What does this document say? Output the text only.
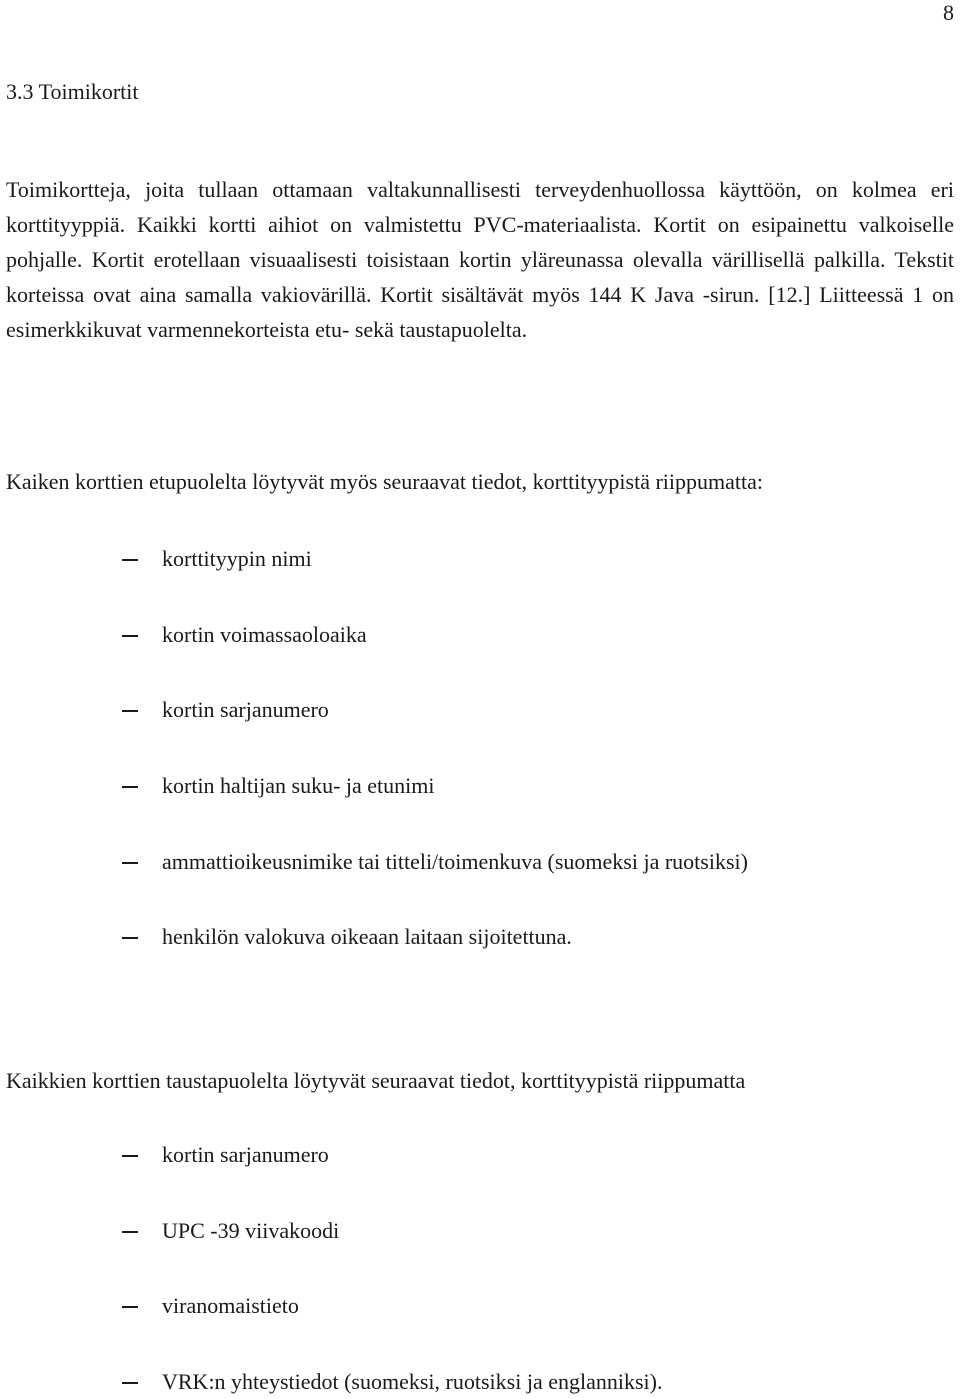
8
3.3 Toimikortit

Toimikortteja, joita tullaan ottamaan valtakunnallisesti terveydenhuollossa käyttöön, on kolmea eri korttityyppiä. Kaikki kortti aihiot on valmistettu PVC-materiaalista. Kortit on esipainettu valkoiselle pohjalle. Kortit erotellaan visuaalisesti toisistaan kortin yläreunassa olevalla värillisellä palkilla. Tekstit korteissa ovat aina samalla vakiovärillä. Kortit sisältävät myös 144 K Java -sirun. [12.] Liitteessä 1 on esimerkkikuvat varmennekorteista etu- sekä taustapuolelta.

Kaiken korttien etupuolelta löytyvät myös seuraavat tiedot, korttityypistä riippumatta:

korttityypin nimi
kortin voimassaoloaika
kortin sarjanumero
kortin haltijan suku- ja etunimi
ammattioikeusnimike tai titteli/toimenkuva (suomeksi ja ruotsiksi)
henkilön valokuva oikeaan laitaan sijoitettuna.

Kaikkien korttien taustapuolelta löytyvät seuraavat tiedot, korttityypistä riippumatta

kortin sarjanumero
UPC -39 viivakoodi
viranomaistieto
VRK:n yhteystiedot (suomeksi, ruotsiksi ja englanniksi).
